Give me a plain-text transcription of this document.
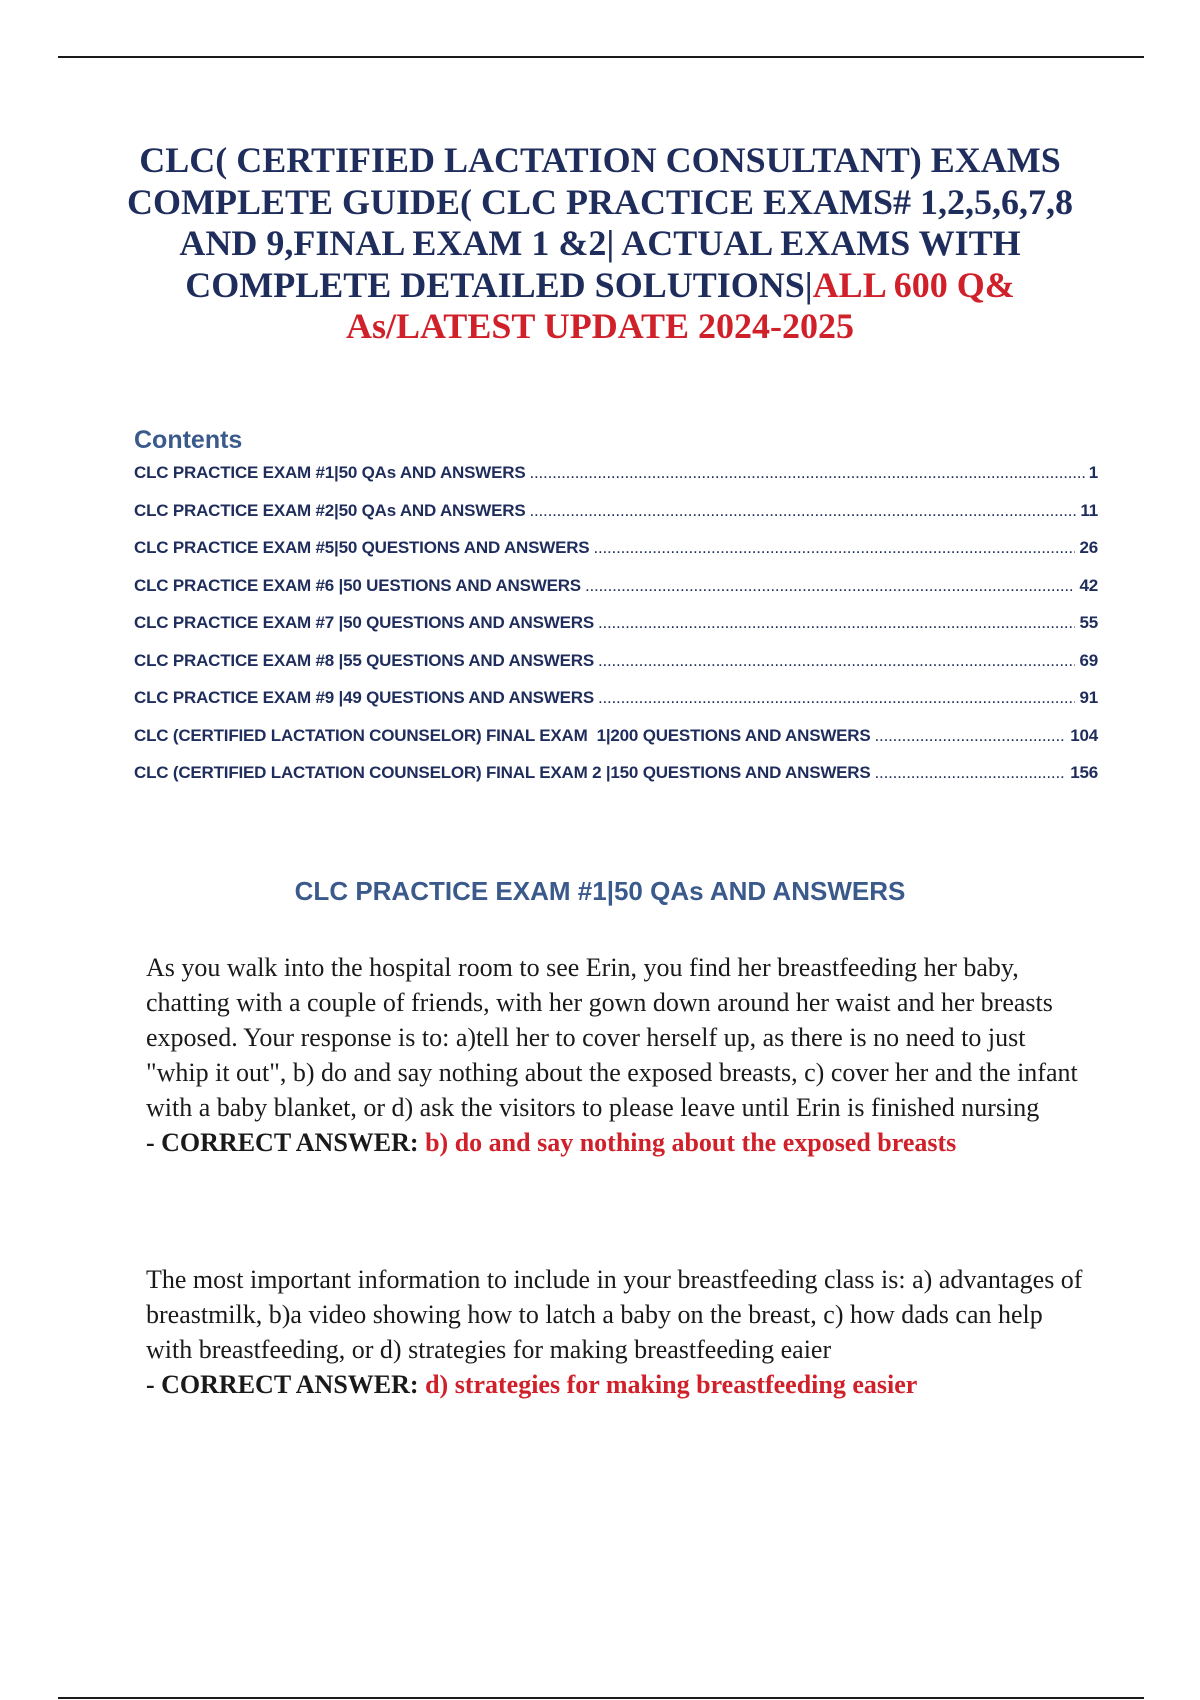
CLC( CERTIFIED LACTATION CONSULTANT) EXAMS COMPLETE GUIDE( CLC PRACTICE EXAMS# 1,2,5,6,7,8 AND 9,FINAL EXAM 1 &2| ACTUAL EXAMS WITH COMPLETE DETAILED SOLUTIONS|ALL 600 Q& As/LATEST UPDATE 2024-2025
Contents
CLC PRACTICE EXAM #1|50 QAs AND ANSWERS .....	1
CLC PRACTICE EXAM #2|50 QAs AND ANSWERS .....	11
CLC PRACTICE EXAM #5|50 QUESTIONS AND ANSWERS .....	26
CLC PRACTICE EXAM #6 |50 UESTIONS AND ANSWERS .....	42
CLC PRACTICE EXAM #7 |50 QUESTIONS AND ANSWERS .....	55
CLC PRACTICE EXAM #8 |55 QUESTIONS AND ANSWERS .....	69
CLC PRACTICE EXAM #9 |49 QUESTIONS AND ANSWERS .....	91
CLC (CERTIFIED LACTATION COUNSELOR) FINAL EXAM  1|200 QUESTIONS AND ANSWERS .....	104
CLC (CERTIFIED LACTATION COUNSELOR) FINAL EXAM 2 |150 QUESTIONS AND ANSWERS .....	156
CLC PRACTICE EXAM #1|50 QAs AND ANSWERS

As you walk into the hospital room to see Erin, you find her breastfeeding her baby, chatting with a couple of friends, with her gown down around her waist and her breasts exposed. Your response is to: a)tell her to cover herself up, as there is no need to just "whip it out", b) do and say nothing about the exposed breasts, c) cover her and the infant with a baby blanket, or d) ask the visitors to please leave until Erin is finished nursing

- CORRECT ANSWER: b) do and say nothing about the exposed breasts

The most important information to include in your breastfeeding class is: a) advantages of breastmilk, b)a video showing how to latch a baby on the breast, c) how dads can help with breastfeeding, or d) strategies for making breastfeeding eaier

- CORRECT ANSWER: d) strategies for making breastfeeding easier
